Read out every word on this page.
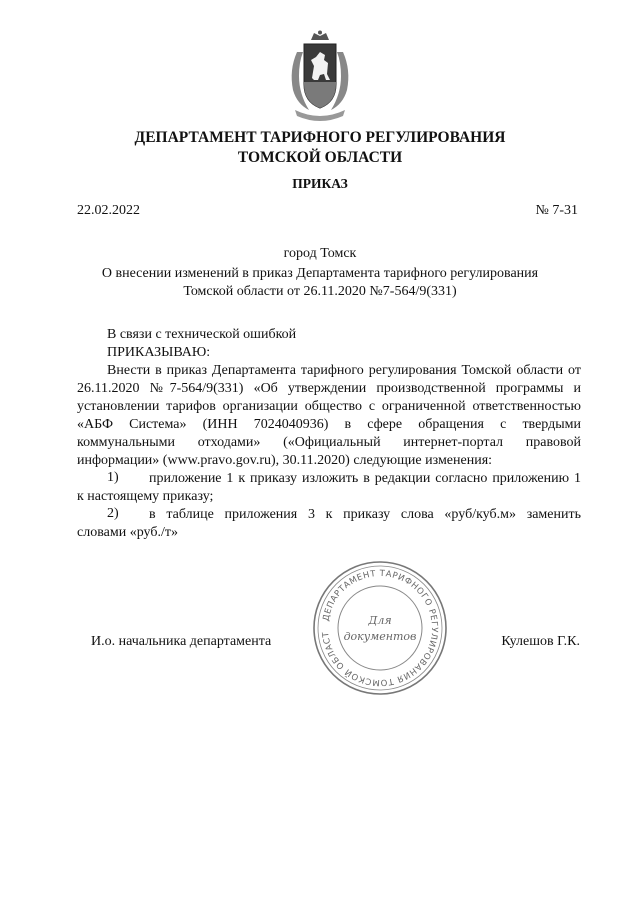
ДЕПАРТАМЕНТ ТАРИФНОГО РЕГУЛИРОВАНИЯ
ТОМСКОЙ ОБЛАСТИ
ПРИКАЗ
22.02.2022	№ 7-31
город Томск
О внесении изменений в приказ Департамента тарифного регулирования
Томской области от 26.11.2020 №7-564/9(331)
В связи с технической ошибкой
ПРИКАЗЫВАЮ:
Внести в приказ Департамента тарифного регулирования Томской области от
26.11.2020 №7-564/9(331) «Об утверждении производственной программы и
установлении тарифов организации общество с ограниченной ответственностью
«АБФ Система» (ИНН 7024040936) в сфере обращения с твердыми
коммунальными отходами» («Официальный интернет-портал правовой
информации» (www.pravo.gov.ru), 30.11.2020) следующие изменения:
1)	приложение 1 к приказу изложить в редакции согласно приложению 1
к настоящему приказу;
2)	в таблице приложения 3 к приказу слова «руб/куб.м» заменить
словами «руб./т»
ДЕПАРТАМЕНТ ТАРИФНОГО РЕГУЛИРОВАНИЯ ТОМСКОЙ ОБЛАСТ
Для
документов
И.о. начальника департамента	Кулешов Г.К.
